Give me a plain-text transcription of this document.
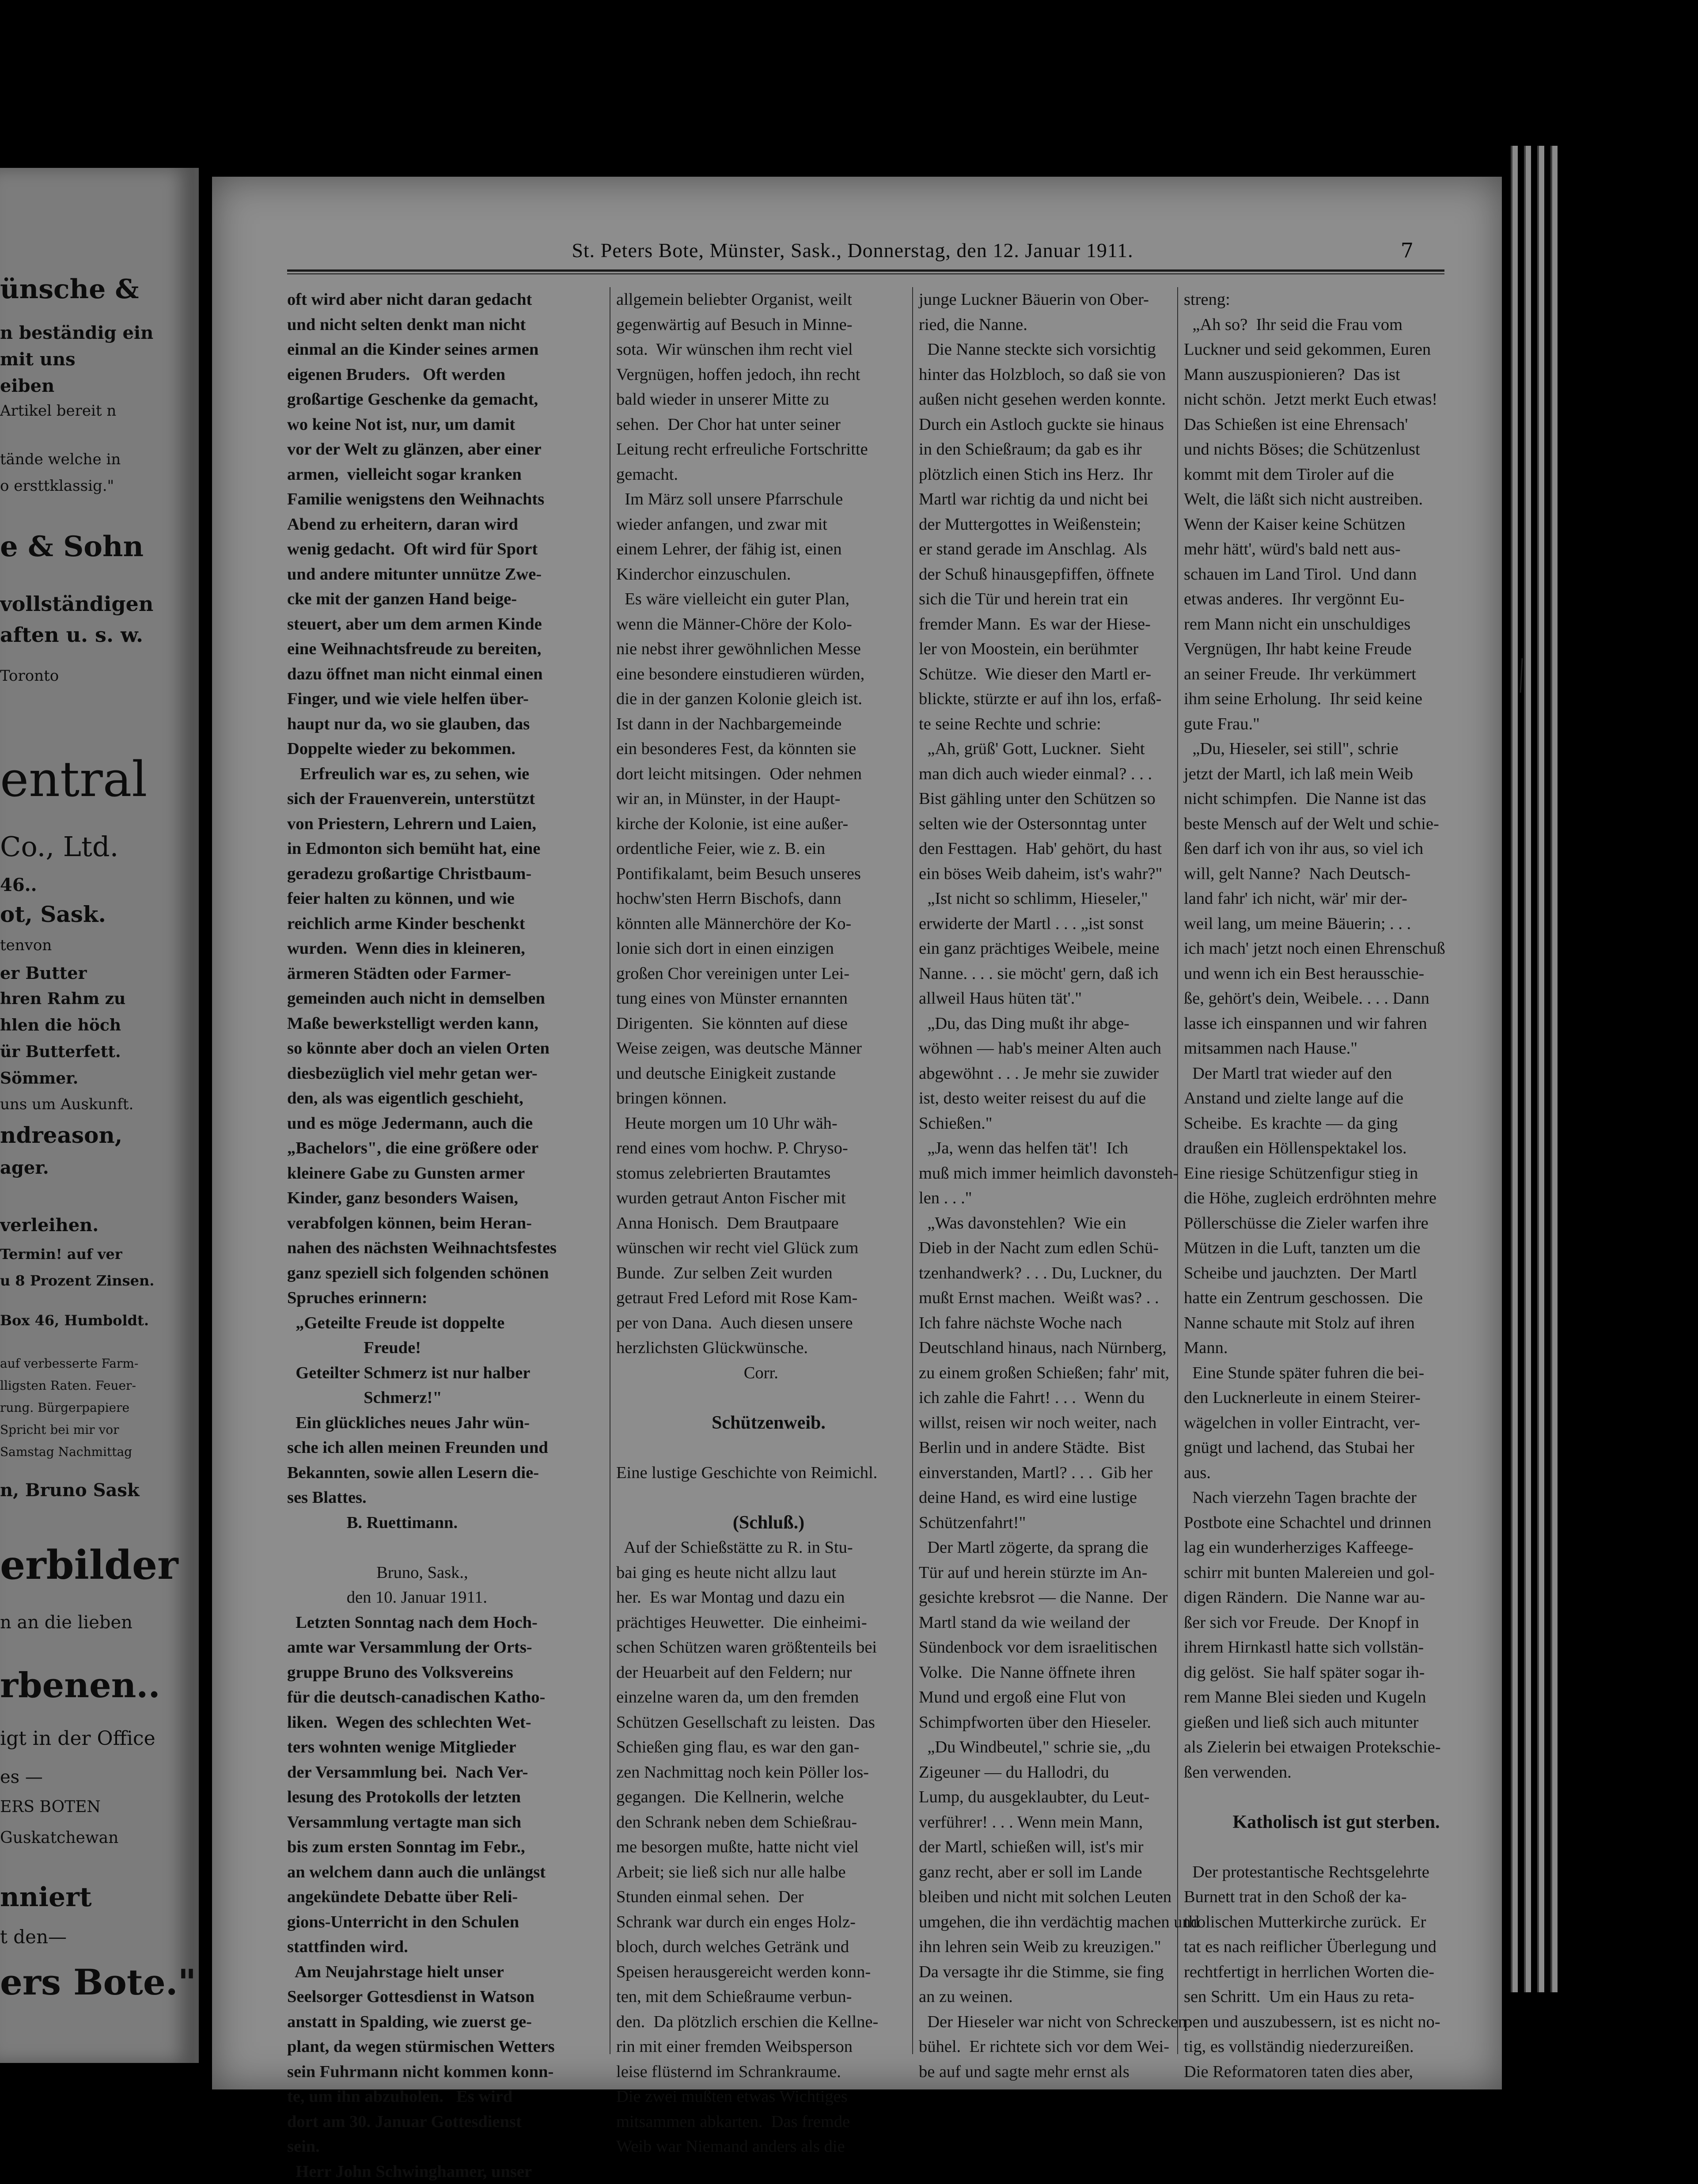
ünsche &
n beständig ein
mit uns
eiben
Artikel bereit n
tände welche in
o ersttklassig."
e & Sohn
vollständigen
aften u. s. w.
Toronto
entral
Co., Ltd.
46..
ot, Sask.
tenvon
er Butter
hren Rahm zu
hlen die höch
ür Butterfett.
Sömmer.
uns um Auskunft.
ndreason,
ager.
verleihen.
Termin! auf ver
u 8 Prozent Zinsen.
Box 46, Humboldt.
auf verbesserte Farm-
lligsten Raten. Feuer-
rung. Bürgerpapiere
Spricht bei mir vor
Samstag Nachmittag
n, Bruno Sask
erbilder
n an die lieben
rbenen..
igt in der Office
es —
ERS BOTEN
Guskatchewan
nniert
t den—
ers Bote."
St. Peters Bote, Münster, Sask., Donnerstag, den 12. Januar 1911.	7

oft wird aber nicht daran gedacht

und nicht selten denkt man nicht

einmal an die Kinder seines armen

eigenen Bruders.   Oft werden

großartige Geschenke da gemacht,

wo keine Not ist, nur, um damit

vor der Welt zu glänzen, aber einer

armen,  vielleicht sogar kranken

Familie wenigstens den Weihnachts

Abend zu erheitern, daran wird

wenig gedacht.  Oft wird für Sport

und andere mitunter unnütze Zwe-

cke mit der ganzen Hand beige-

steuert, aber um dem armen Kinde

eine Weihnachtsfreude zu bereiten,

dazu öffnet man nicht einmal einen

Finger, und wie viele helfen über-

haupt nur da, wo sie glauben, das

Doppelte wieder zu bekommen.

Erfreulich war es, zu sehen, wie

sich der Frauenverein, unterstützt

von Priestern, Lehrern und Laien,

in Edmonton sich bemüht hat, eine

geradezu großartige Christbaum-

feier halten zu können, und wie

reichlich arme Kinder beschenkt

wurden.  Wenn dies in kleineren,

ärmeren Städten oder Farmer-

gemeinden auch nicht in demselben

Maße bewerkstelligt werden kann,

so könnte aber doch an vielen Orten

diesbezüglich viel mehr getan wer-

den, als was eigentlich geschieht,

und es möge Jedermann, auch die

„Bachelors", die eine größere oder

kleinere Gabe zu Gunsten armer

Kinder, ganz besonders Waisen,

verabfolgen können, beim Heran-

nahen des nächsten Weihnachtsfestes

ganz speziell sich folgenden schönen

Spruches erinnern:

„Geteilte Freude ist doppelte

Freude!

Geteilter Schmerz ist nur halber

Schmerz!"

Ein glückliches neues Jahr wün-

sche ich allen meinen Freunden und

Bekannten, sowie allen Lesern die-

ses Blattes.

B. Ruettimann.

Bruno, Sask.,

den 10. Januar 1911.

Letzten Sonntag nach dem Hoch-

amte war Versammlung der Orts-

gruppe Bruno des Volksvereins

für die deutsch-canadischen Katho-

liken.  Wegen des schlechten Wet-

ters wohnten wenige Mitglieder

der Versammlung bei.  Nach Ver-

lesung des Protokolls der letzten

Versammlung vertagte man sich

bis zum ersten Sonntag im Febr.,

an welchem dann auch die unlängst

angekündete Debatte über Reli-

gions-Unterricht in den Schulen

stattfinden wird.

Am Neujahrstage hielt unser

Seelsorger Gottesdienst in Watson

anstatt in Spalding, wie zuerst ge-

plant, da wegen stürmischen Wetters

sein Fuhrmann nicht kommen konn-

te, um ihn abzuholen.   Es wird

dort am 30. Januar Gottesdienst

sein.

Herr John Schwinghamer, unser

allgemein beliebter Organist, weilt

gegenwärtig auf Besuch in Minne-

sota.  Wir wünschen ihm recht viel

Vergnügen, hoffen jedoch, ihn recht

bald wieder in unserer Mitte zu

sehen.  Der Chor hat unter seiner

Leitung recht erfreuliche Fortschritte

gemacht.

Im März soll unsere Pfarrschule

wieder anfangen, und zwar mit

einem Lehrer, der fähig ist, einen

Kinderchor einzuschulen.

Es wäre vielleicht ein guter Plan,

wenn die Männer-Chöre der Kolo-

nie nebst ihrer gewöhnlichen Messe

eine besondere einstudieren würden,

die in der ganzen Kolonie gleich ist.

Ist dann in der Nachbargemeinde

ein besonderes Fest, da könnten sie

dort leicht mitsingen.  Oder nehmen

wir an, in Münster, in der Haupt-

kirche der Kolonie, ist eine außer-

ordentliche Feier, wie z. B. ein

Pontifikalamt, beim Besuch unseres

hochw'sten Herrn Bischofs, dann

könnten alle Männerchöre der Ko-

lonie sich dort in einen einzigen

großen Chor vereinigen unter Lei-

tung eines von Münster ernannten

Dirigenten.  Sie könnten auf diese

Weise zeigen, was deutsche Männer

und deutsche Einigkeit zustande

bringen können.

Heute morgen um 10 Uhr wäh-

rend eines vom hochw. P. Chryso-

stomus zelebrierten Brautamtes

wurden getraut Anton Fischer mit

Anna Honisch.  Dem Brautpaare

wünschen wir recht viel Glück zum

Bunde.  Zur selben Zeit wurden

getraut Fred Leford mit Rose Kam-

per von Dana.  Auch diesen unsere

herzlichsten Glückwünsche.

Corr.

Schützenweib.

Eine lustige Geschichte von Reimichl.

(Schluß.)

Auf der Schießstätte zu R. in Stu-

bai ging es heute nicht allzu laut

her.  Es war Montag und dazu ein

prächtiges Heuwetter.  Die einheimi-

schen Schützen waren größtenteils bei

der Heuarbeit auf den Feldern; nur

einzelne waren da, um den fremden

Schützen Gesellschaft zu leisten.  Das

Schießen ging flau, es war den gan-

zen Nachmittag noch kein Pöller los-

gegangen.  Die Kellnerin, welche

den Schrank neben dem Schießrau-

me besorgen mußte, hatte nicht viel

Arbeit; sie ließ sich nur alle halbe

Stunden einmal sehen.  Der

Schrank war durch ein enges Holz-

bloch, durch welches Getränk und

Speisen herausgereicht werden konn-

ten, mit dem Schießraume verbun-

den.  Da plötzlich erschien die Kellne-

rin mit einer fremden Weibsperson

leise flüsternd im Schrankraume.

Die zwei mußten etwas Wichtiges

mitsammen abkarten.  Das fremde

Weib war Niemand anders als die

junge Luckner Bäuerin von Ober-

ried, die Nanne.

Die Nanne steckte sich vorsichtig

hinter das Holzbloch, so daß sie von

außen nicht gesehen werden konnte.

Durch ein Astloch guckte sie hinaus

in den Schießraum; da gab es ihr

plötzlich einen Stich ins Herz.  Ihr

Martl war richtig da und nicht bei

der Muttergottes in Weißenstein;

er stand gerade im Anschlag.  Als

der Schuß hinausgepfiffen, öffnete

sich die Tür und herein trat ein

fremder Mann.  Es war der Hiese-

ler von Moostein, ein berühmter

Schütze.  Wie dieser den Martl er-

blickte, stürzte er auf ihn los, erfaß-

te seine Rechte und schrie:

„Ah, grüß' Gott, Luckner.  Sieht

man dich auch wieder einmal? . . .

Bist gähling unter den Schützen so

selten wie der Ostersonntag unter

den Festtagen.  Hab' gehört, du hast

ein böses Weib daheim, ist's wahr?"

„Ist nicht so schlimm, Hieseler,"

erwiderte der Martl . . . „ist sonst

ein ganz prächtiges Weibele, meine

Nanne. . . . sie möcht' gern, daß ich

allweil Haus hüten tät'."

„Du, das Ding mußt ihr abge-

wöhnen — hab's meiner Alten auch

abgewöhnt . . . Je mehr sie zuwider

ist, desto weiter reisest du auf die

Schießen."

„Ja, wenn das helfen tät'!  Ich

muß mich immer heimlich davonsteh-

len . . ."

„Was davonstehlen?  Wie ein

Dieb in der Nacht zum edlen Schü-

tzenhandwerk? . . . Du, Luckner, du

mußt Ernst machen.  Weißt was? . .

Ich fahre nächste Woche nach

Deutschland hinaus, nach Nürnberg,

zu einem großen Schießen; fahr' mit,

ich zahle die Fahrt! . . .  Wenn du

willst, reisen wir noch weiter, nach

Berlin und in andere Städte.  Bist

einverstanden, Martl? . . .  Gib her

deine Hand, es wird eine lustige

Schützenfahrt!"

Der Martl zögerte, da sprang die

Tür auf und herein stürzte im An-

gesichte krebsrot — die Nanne.  Der

Martl stand da wie weiland der

Sündenbock vor dem israelitischen

Volke.  Die Nanne öffnete ihren

Mund und ergoß eine Flut von

Schimpfworten über den Hieseler.

„Du Windbeutel," schrie sie, „du

Zigeuner — du Hallodri, du

Lump, du ausgeklaubter, du Leut-

verführer! . . . Wenn mein Mann,

der Martl, schießen will, ist's mir

ganz recht, aber er soll im Lande

bleiben und nicht mit solchen Leuten

umgehen, die ihn verdächtig machen und

ihn lehren sein Weib zu kreuzigen."

Da versagte ihr die Stimme, sie fing

an zu weinen.

Der Hieseler war nicht von Schrecken

bühel.  Er richtete sich vor dem Wei-

be auf und sagte mehr ernst als

streng:

„Ah so?  Ihr seid die Frau vom

Luckner und seid gekommen, Euren

Mann auszuspionieren?  Das ist

nicht schön.  Jetzt merkt Euch etwas!

Das Schießen ist eine Ehrensach'

und nichts Böses; die Schützenlust

kommt mit dem Tiroler auf die

Welt, die läßt sich nicht austreiben.

Wenn der Kaiser keine Schützen

mehr hätt', würd's bald nett aus-

schauen im Land Tirol.  Und dann

etwas anderes.  Ihr vergönnt Eu-

rem Mann nicht ein unschuldiges

Vergnügen, Ihr habt keine Freude

an seiner Freude.  Ihr verkümmert

ihm seine Erholung.  Ihr seid keine

gute Frau."

„Du, Hieseler, sei still", schrie

jetzt der Martl, ich laß mein Weib

nicht schimpfen.  Die Nanne ist das

beste Mensch auf der Welt und schie-

ßen darf ich von ihr aus, so viel ich

will, gelt Nanne?  Nach Deutsch-

land fahr' ich nicht, wär' mir der-

weil lang, um meine Bäuerin; . . .

ich mach' jetzt noch einen Ehrenschuß

und wenn ich ein Best herausschie-

ße, gehört's dein, Weibele. . . . Dann

lasse ich einspannen und wir fahren

mitsammen nach Hause."

Der Martl trat wieder auf den

Anstand und zielte lange auf die

Scheibe.  Es krachte — da ging

draußen ein Höllenspektakel los.

Eine riesige Schützenfigur stieg in

die Höhe, zugleich erdröhnten mehre

Pöllerschüsse die Zieler warfen ihre

Mützen in die Luft, tanzten um die

Scheibe und jauchzten.  Der Martl

hatte ein Zentrum geschossen.  Die

Nanne schaute mit Stolz auf ihren

Mann.

Eine Stunde später fuhren die bei-

den Lucknerleute in einem Steirer-

wägelchen in voller Eintracht, ver-

gnügt und lachend, das Stubai her

aus.

Nach vierzehn Tagen brachte der

Postbote eine Schachtel und drinnen

lag ein wunderherziges Kaffeege-

schirr mit bunten Malereien und gol-

digen Rändern.  Die Nanne war au-

ßer sich vor Freude.  Der Knopf in

ihrem Hirnkastl hatte sich vollstän-

dig gelöst.  Sie half später sogar ih-

rem Manne Blei sieden und Kugeln

gießen und ließ sich auch mitunter

als Zielerin bei etwaigen Protekschie-

ßen verwenden.

Katholisch ist gut sterben.

Der protestantische Rechtsgelehrte

Burnett trat in den Schoß der ka-

tholischen Mutterkirche zurück.  Er

tat es nach reiflicher Überlegung und

rechtfertigt in herrlichen Worten die-

sen Schritt.  Um ein Haus zu reta-

pen und auszubessern, ist es nicht no-

tig, es vollständig niederzureißen.

Die Reformatoren taten dies aber,
